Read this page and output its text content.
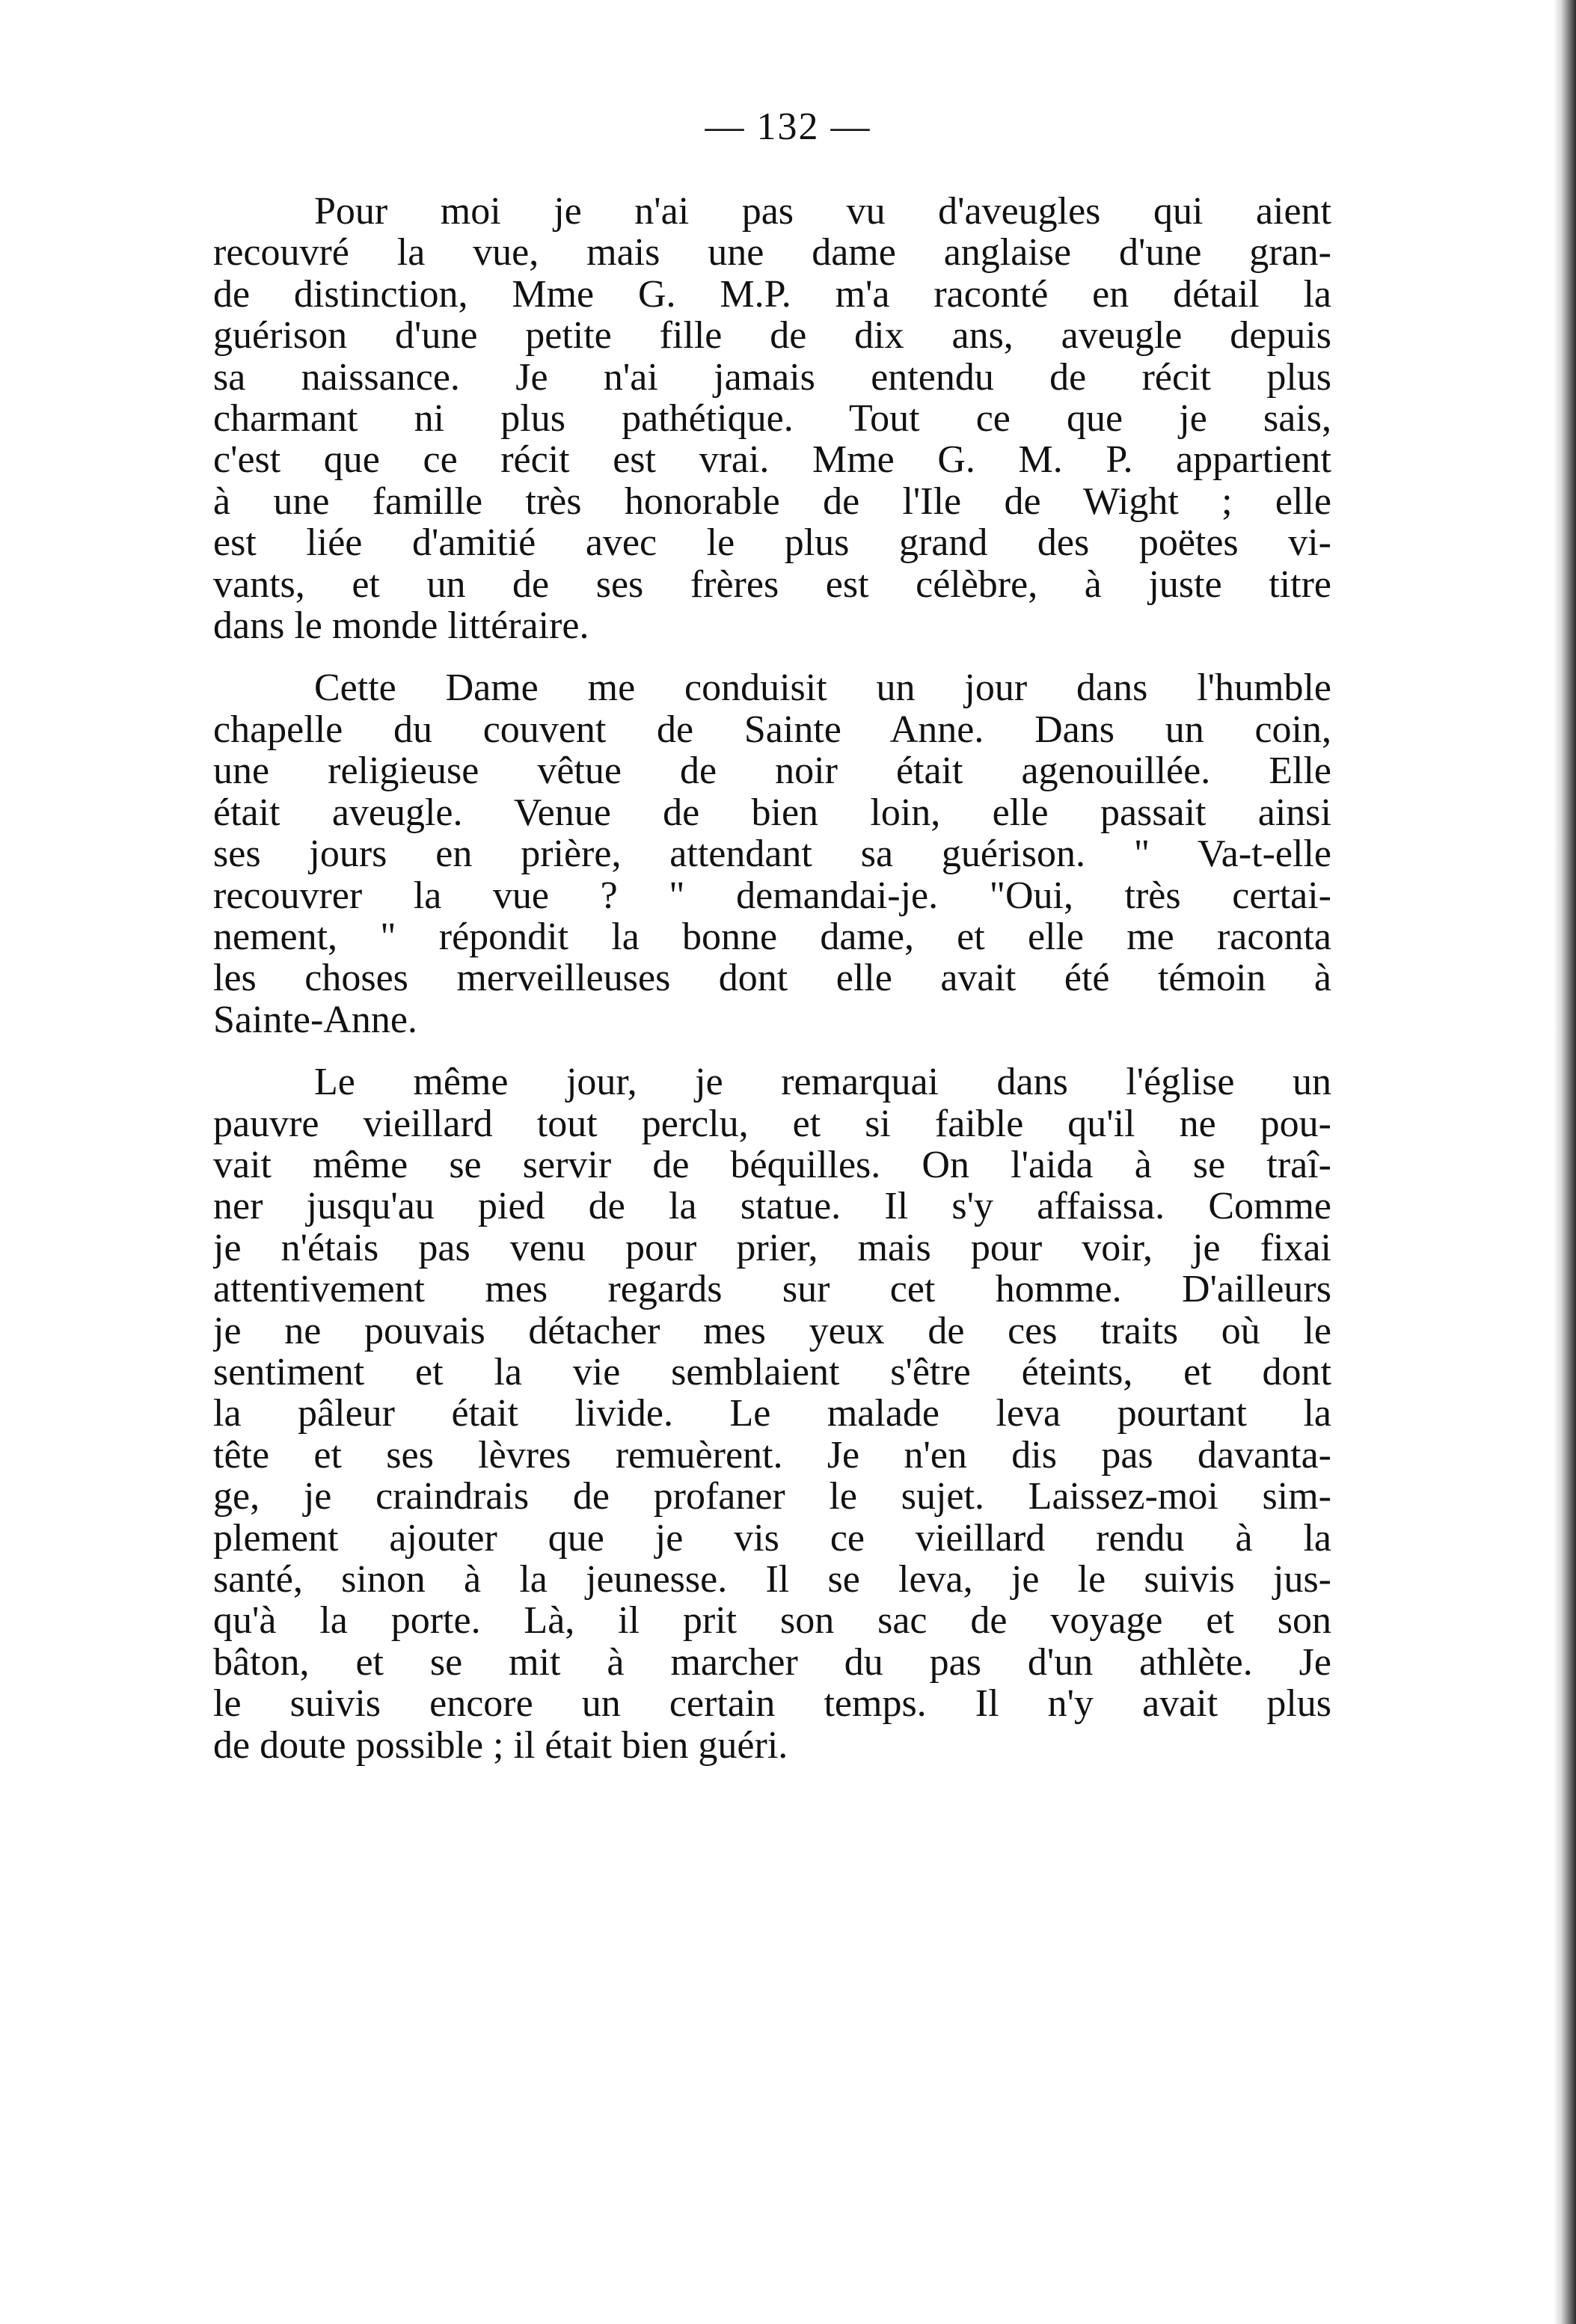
— 132 —
Pour moi je n'ai pas vu d'aveugles qui aient
recouvré la vue, mais une dame anglaise d'une gran-
de distinction, Mme G. M.P. m'a raconté en détail la
guérison d'une petite fille de dix ans, aveugle depuis
sa naissance. Je n'ai jamais entendu de récit plus
charmant ni plus pathétique. Tout ce que je sais,
c'est que ce récit est vrai. Mme G. M. P. appartient
à une famille très honorable de l'Ile de Wight ; elle
est liée d'amitié avec le plus grand des poëtes vi-
vants, et un de ses frères est célèbre, à juste titre
dans le monde littéraire.
Cette Dame me conduisit un jour dans l'humble
chapelle du couvent de Sainte Anne. Dans un coin,
une religieuse vêtue de noir était agenouillée. Elle
était aveugle. Venue de bien loin, elle passait ainsi
ses jours en prière, attendant sa guérison. " Va-t-elle
recouvrer la vue ? " demandai-je. "Oui, très certai-
nement, " répondit la bonne dame, et elle me raconta
les choses merveilleuses dont elle avait été témoin à
Sainte-Anne.
Le même jour, je remarquai dans l'église un
pauvre vieillard tout perclu, et si faible qu'il ne pou-
vait même se servir de béquilles. On l'aida à se traî-
ner jusqu'au pied de la statue. Il s'y affaissa. Comme
je n'étais pas venu pour prier, mais pour voir, je fixai
attentivement mes regards sur cet homme. D'ailleurs
je ne pouvais détacher mes yeux de ces traits où le
sentiment et la vie semblaient s'être éteints, et dont
la pâleur était livide. Le malade leva pourtant la
tête et ses lèvres remuèrent. Je n'en dis pas davanta-
ge, je craindrais de profaner le sujet. Laissez-moi sim-
plement ajouter que je vis ce vieillard rendu à la
santé, sinon à la jeunesse. Il se leva, je le suivis jus-
qu'à la porte. Là, il prit son sac de voyage et son
bâton, et se mit à marcher du pas d'un athlète. Je
le suivis encore un certain temps. Il n'y avait plus
de doute possible ; il était bien guéri.
